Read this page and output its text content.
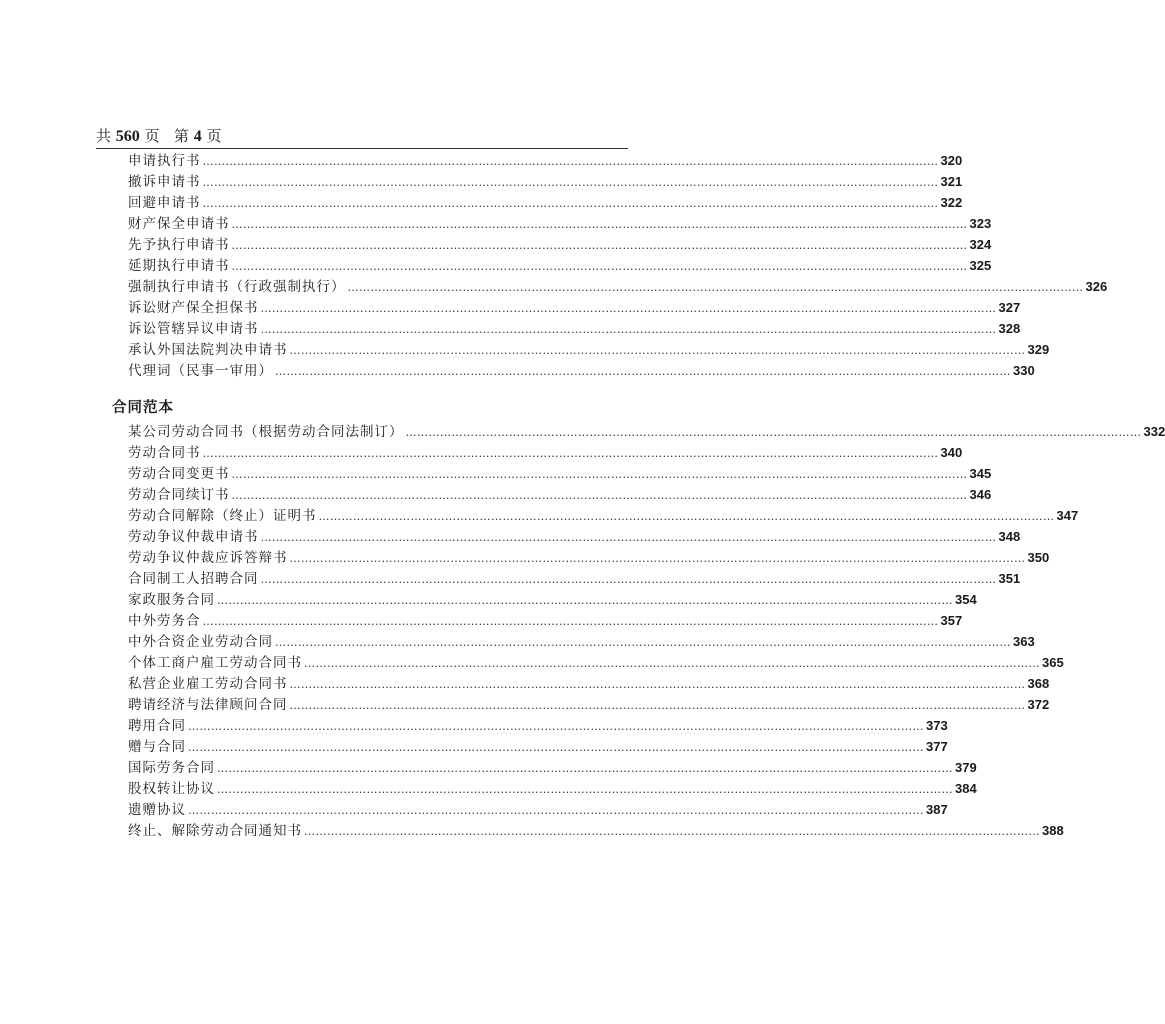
共 560 页 第 4 页
申请执行书 ………………………………………………………………………………………………………………………………………………………………………… 320
撤诉申请书 ………………………………………………………………………………………………………………………………………………………………………… 321
回避申请书 ………………………………………………………………………………………………………………………………………………………………………… 322
财产保全申请书 ………………………………………………………………………………………………………………………………………………………………………… 323
先予执行申请书 ………………………………………………………………………………………………………………………………………………………………………… 324
延期执行申请书 ………………………………………………………………………………………………………………………………………………………………………… 325
强制执行申请书（行政强制执行） ………………………………………………………………………………………………………………………………………………………………………… 326
诉讼财产保全担保书 ………………………………………………………………………………………………………………………………………………………………………… 327
诉讼管辖异议申请书 ………………………………………………………………………………………………………………………………………………………………………… 328
承认外国法院判决申请书 ………………………………………………………………………………………………………………………………………………………………………… 329
代理词（民事一审用） ………………………………………………………………………………………………………………………………………………………………………… 330
合同范本
某公司劳动合同书（根据劳动合同法制订） ………………………………………………………………………………………………………………………………………………………………………… 332
劳动合同书 ………………………………………………………………………………………………………………………………………………………………………… 340
劳动合同变更书 ………………………………………………………………………………………………………………………………………………………………………… 345
劳动合同续订书 ………………………………………………………………………………………………………………………………………………………………………… 346
劳动合同解除（终止）证明书 ………………………………………………………………………………………………………………………………………………………………………… 347
劳动争议仲裁申请书 ………………………………………………………………………………………………………………………………………………………………………… 348
劳动争议仲裁应诉答辩书 ………………………………………………………………………………………………………………………………………………………………………… 350
合同制工人招聘合同 ………………………………………………………………………………………………………………………………………………………………………… 351
家政服务合同 ………………………………………………………………………………………………………………………………………………………………………… 354
中外劳务合 ………………………………………………………………………………………………………………………………………………………………………… 357
中外合资企业劳动合同 ………………………………………………………………………………………………………………………………………………………………………… 363
个体工商户雇工劳动合同书 ………………………………………………………………………………………………………………………………………………………………………… 365
私营企业雇工劳动合同书 ………………………………………………………………………………………………………………………………………………………………………… 368
聘请经济与法律顾问合同 ………………………………………………………………………………………………………………………………………………………………………… 372
聘用合同 ………………………………………………………………………………………………………………………………………………………………………… 373
赠与合同 ………………………………………………………………………………………………………………………………………………………………………… 377
国际劳务合同 ………………………………………………………………………………………………………………………………………………………………………… 379
股权转让协议 ………………………………………………………………………………………………………………………………………………………………………… 384
遗赠协议 ………………………………………………………………………………………………………………………………………………………………………… 387
终止、解除劳动合同通知书 ………………………………………………………………………………………………………………………………………………………………………… 388
